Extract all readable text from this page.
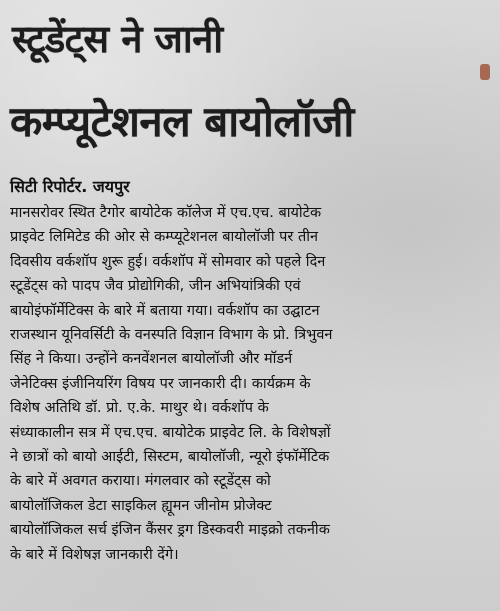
स्टूडेंट्स ने जानी
कम्प्यूटेशनल बायोलॉजी
सिटी रिपोर्टर. जयपुर
मानसरोवर स्थित टैगोर बायोटेक कॉलेज में एच.एच. बायोटेक
प्राइवेट लिमिटेड की ओर से कम्प्यूटेशनल बायोलॉजी पर तीन
दिवसीय वर्कशॉप शुरू हुई। वर्कशॉप में सोमवार को पहले दिन
स्टूडेंट्स को पादप जैव प्रोद्योगिकी, जीन अभियांत्रिकी एवं
बायोइंफॉर्मेटिक्स के बारे में बताया गया। वर्कशॉप का उद्घाटन
राजस्थान यूनिवर्सिटी के वनस्पति विज्ञान विभाग के प्रो. त्रिभुवन
सिंह ने किया। उन्होंने कनवेंशनल बायोलॉजी और मॉडर्न
जेनेटिक्स इंजीनियरिंग विषय पर जानकारी दी। कार्यक्रम के
विशेष अतिथि डॉ. प्रो. ए.के. माथुर थे। वर्कशॉप के
संध्याकालीन सत्र में एच.एच. बायोटेक प्राइवेट लि. के विशेषज्ञों
ने छात्रों को बायो आईटी, सिस्टम, बायोलॉजी, न्यूरो इंफॉर्मेटिक
के बारे में अवगत कराया। मंगलवार को स्टूडेंट्स को
बायोलॉजिकल डेटा साइकिल ह्यूमन जीनोम प्रोजेक्ट
बायोलॉजिकल सर्च इंजिन कैंसर ड्रग डिस्कवरी माइक्रो तकनीक
के बारे में विशेषज्ञ जानकारी देंगे।
